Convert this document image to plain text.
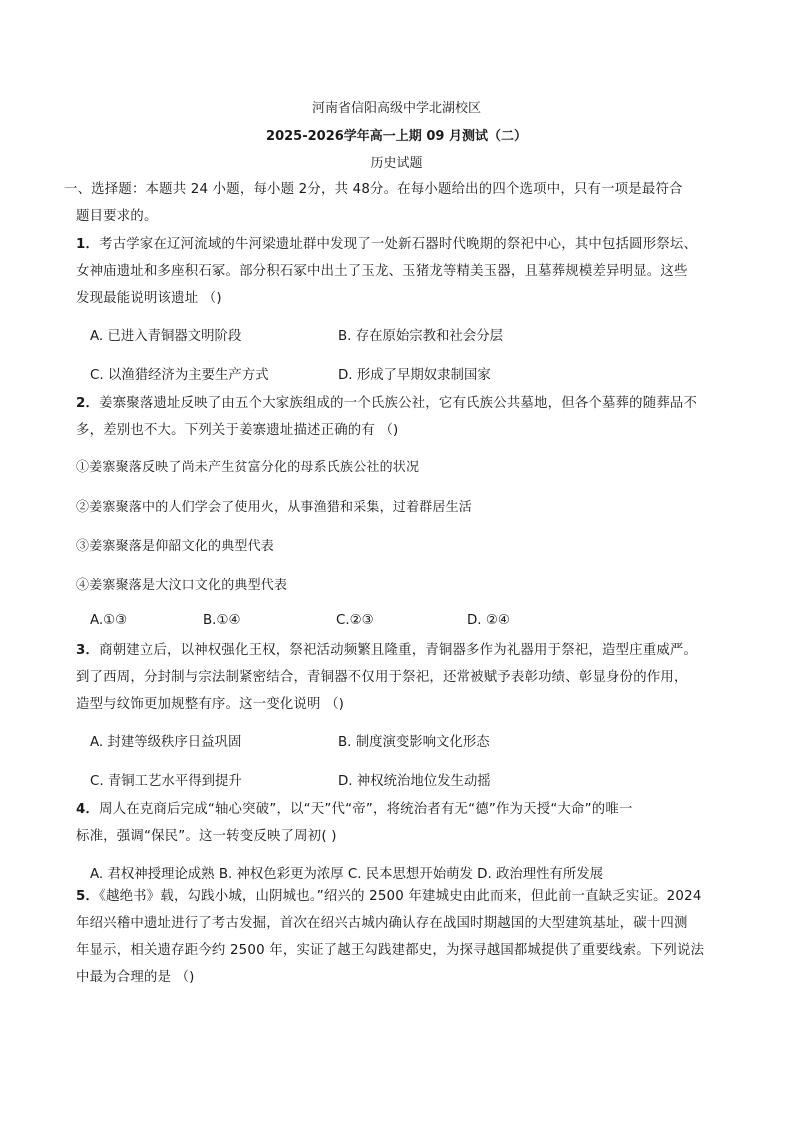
河南省信阳高级中学北湖校区
2025-2026学年高一上期 09 月测试（二）
历史试题
一、选择题：本题共 24 小题，每小题 2分，共 48分。在每小题给出的四个选项中，只有一项是最符合
题目要求的。
1．考古学家在辽河流域的牛河梁遗址群中发现了一处新石器时代晚期的祭祀中心，其中包括圆形祭坛、
女神庙遗址和多座积石冢。部分积石冢中出土了玉龙、玉猪龙等精美玉器，且墓葬规模差异明显。这些
发现最能说明该遗址 （)
A. 已进入青铜器文明阶段	B. 存在原始宗教和社会分层
C. 以渔猎经济为主要生产方式	D. 形成了早期奴隶制国家
2．姜寨聚落遗址反映了由五个大家族组成的一个氏族公社，它有氏族公共墓地，但各个墓葬的随葬品不
多，差别也不大。下列关于姜寨遗址描述正确的有 （)
①姜寨聚落反映了尚未产生贫富分化的母系氏族公社的状况
②姜寨聚落中的人们学会了使用火，从事渔猎和采集，过着群居生活
③姜寨聚落是仰韶文化的典型代表
④姜寨聚落是大汶口文化的典型代表
A.①③	B.①④	C.②③	D. ②④
3．商朝建立后，以神权强化王权，祭祀活动频繁且隆重，青铜器多作为礼器用于祭祀，造型庄重威严。
到了西周，分封制与宗法制紧密结合，青铜器不仅用于祭祀，还常被赋予表彰功绩、彰显身份的作用，
造型与纹饰更加规整有序。这一变化说明 （)
A. 封建等级秩序日益巩固	B. 制度演变影响文化形态
C. 青铜工艺水平得到提升	D. 神权统治地位发生动摇
4．周人在克商后完成“轴心突破”，以“天”代“帝”，将统治者有无“德”作为天授“大命”的唯一
标准，强调“保民”。这一转变反映了周初( )
A. 君权神授理论成熟 B. 神权色彩更为浓厚 C. 民本思想开始萌发 D. 政治理性有所发展
5．《越绝书》载，勾践小城，山阴城也。”绍兴的 2500 年建城史由此而来，但此前一直缺乏实证。2024
年绍兴稽中遗址进行了考古发掘，首次在绍兴古城内确认存在战国时期越国的大型建筑基址，碳十四测
年显示，相关遗存距今约 2500 年，实证了越王勾践建都史，为探寻越国都城提供了重要线索。下列说法
中最为合理的是 （)
